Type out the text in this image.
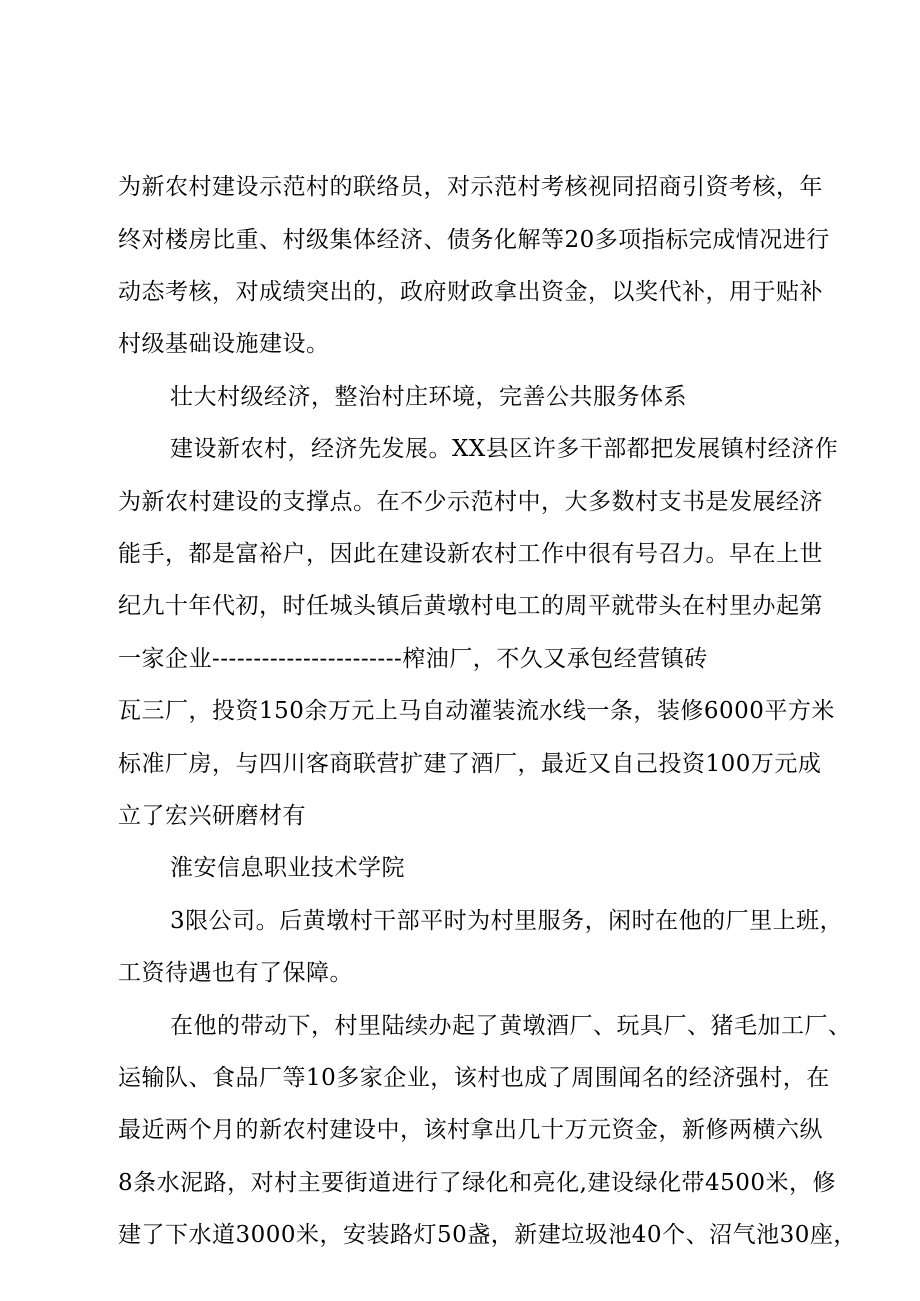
为新农村建设示范村的联络员，对示范村考核视同招商引资考核，年
终对楼房比重、村级集体经济、债务化解等20多项指标完成情况进行
动态考核，对成绩突出的，政府财政拿出资金，以奖代补，用于贴补
村级基础设施建设。
壮大村级经济，整治村庄环境，完善公共服务体系
建设新农村，经济先发展。XX县区许多干部都把发展镇村经济作
为新农村建设的支撑点。在不少示范村中，大多数村支书是发展经济
能手，都是富裕户，因此在建设新农村工作中很有号召力。早在上世
纪九十年代初，时任城头镇后黄墩村电工的周平就带头在村里办起第
一家企业-----------------------榨油厂，不久又承包经营镇砖
瓦三厂，投资150余万元上马自动灌装流水线一条，装修6000平方米
标准厂房，与四川客商联营扩建了酒厂，最近又自己投资100万元成
立了宏兴研磨材有
淮安信息职业技术学院
3限公司。后黄墩村干部平时为村里服务，闲时在他的厂里上班，
工资待遇也有了保障。
在他的带动下，村里陆续办起了黄墩酒厂、玩具厂、猪毛加工厂、
运输队、食品厂等10多家企业，该村也成了周围闻名的经济强村，在
最近两个月的新农村建设中，该村拿出几十万元资金，新修两横六纵
8条水泥路，对村主要街道进行了绿化和亮化,建设绿化带4500米，修
建了下水道3000米，安装路灯50盏，新建垃圾池40个、沼气池30座，
